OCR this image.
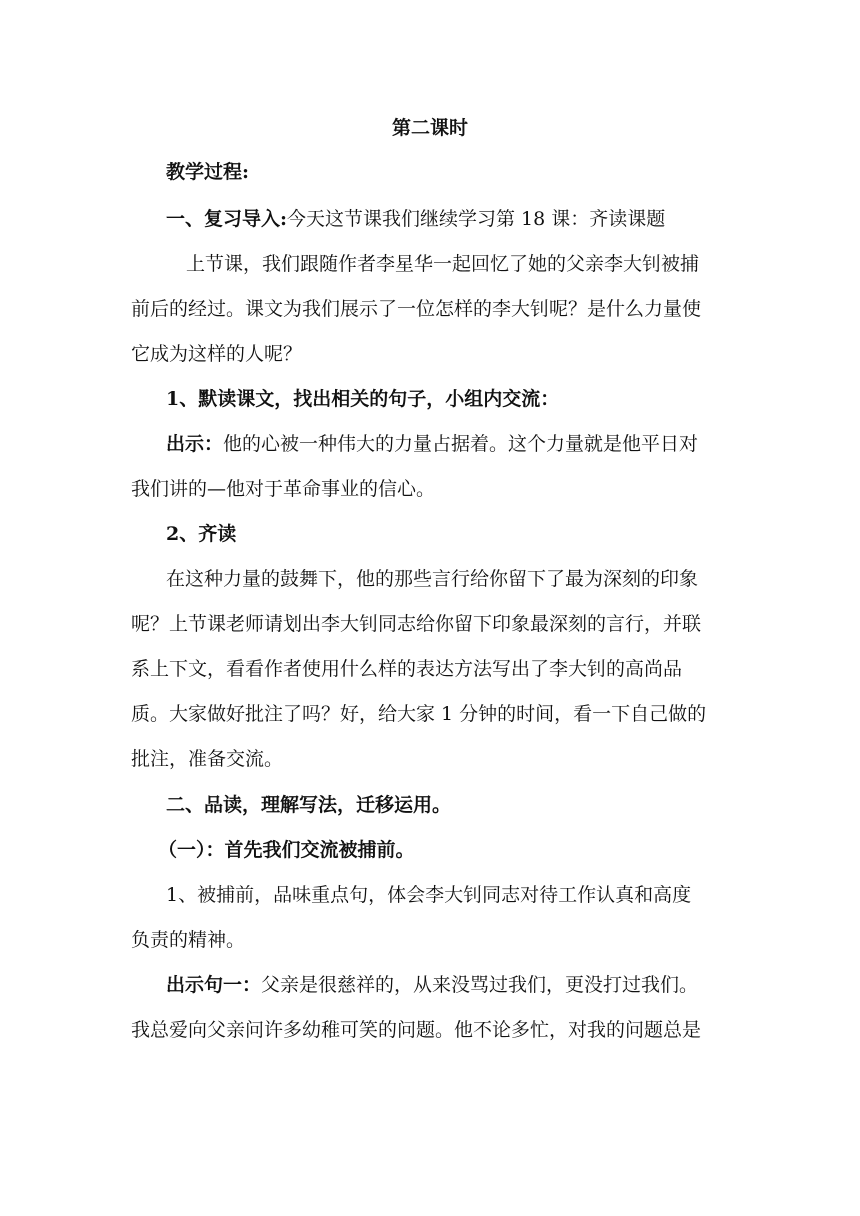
第二课时
教学过程:
一、复习导入:今天这节课我们继续学习第 18 课：齐读课题
上节课，我们跟随作者李星华一起回忆了她的父亲李大钊被捕
前后的经过。课文为我们展示了一位怎样的李大钊呢？是什么力量使
它成为这样的人呢？
1、默读课文，找出相关的句子，小组内交流：
出示：他的心被一种伟大的力量占据着。这个力量就是他平日对
我们讲的—他对于革命事业的信心。
2、齐读
在这种力量的鼓舞下，他的那些言行给你留下了最为深刻的印象
呢？上节课老师请划出李大钊同志给你留下印象最深刻的言行，并联
系上下文，看看作者使用什么样的表达方法写出了李大钊的高尚品
质。大家做好批注了吗？好，给大家 1 分钟的时间，看一下自己做的
批注，准备交流。
二、品读，理解写法，迁移运用。
（一）：首先我们交流被捕前。
1、被捕前，品味重点句，体会李大钊同志对待工作认真和高度
负责的精神。
出示句一：父亲是很慈祥的，从来没骂过我们，更没打过我们。
我总爱向父亲问许多幼稚可笑的问题。他不论多忙，对我的问题总是
